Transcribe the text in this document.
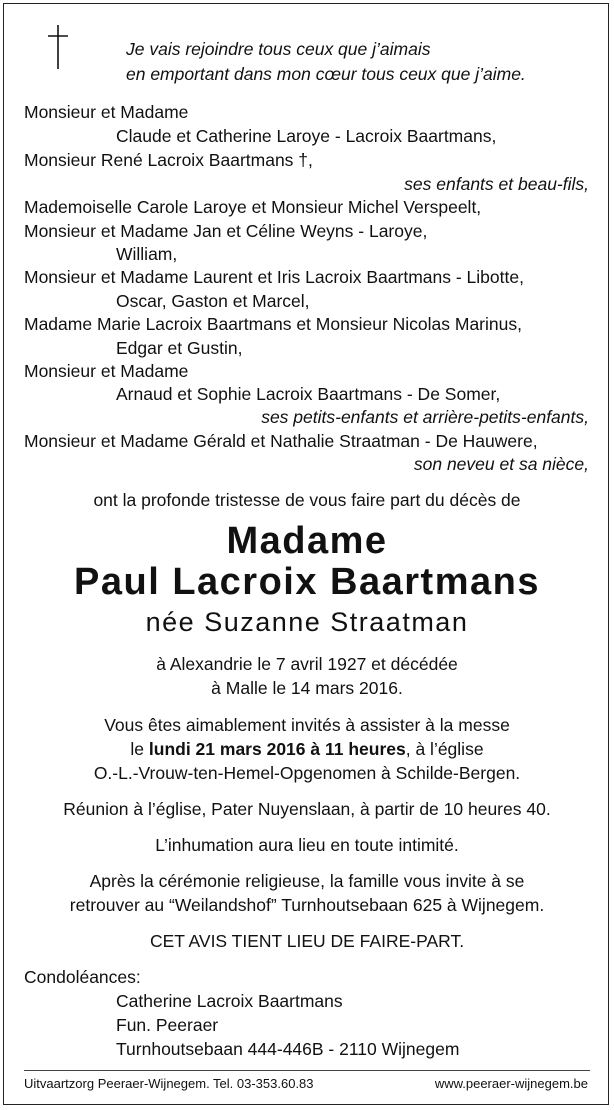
Je vais rejoindre tous ceux que j’aimais
en emportant dans mon cœur tous ceux que j’aime.
Monsieur et Madame
Claude et Catherine Laroye - Lacroix Baartmans,
Monsieur René Lacroix Baartmans †,
ses enfants et beau-fils,
Mademoiselle Carole Laroye et Monsieur Michel Verspeelt,
Monsieur et Madame Jan et Céline Weyns - Laroye,
William,
Monsieur et Madame Laurent et Iris Lacroix Baartmans - Libotte,
Oscar, Gaston et Marcel,
Madame Marie Lacroix Baartmans et Monsieur Nicolas Marinus,
Edgar et Gustin,
Monsieur et Madame
Arnaud et Sophie Lacroix Baartmans - De Somer,
ses petits-enfants et arrière-petits-enfants,
Monsieur et Madame Gérald et Nathalie Straatman - De Hauwere,
son neveu et sa nièce,
ont la profonde tristesse de vous faire part du décès de
Madame
Paul Lacroix Baartmans
née Suzanne Straatman
à Alexandrie le 7 avril 1927 et décédée
à Malle le 14 mars 2016.
Vous êtes aimablement invités à assister à la messe
le lundi 21 mars 2016 à 11 heures, à l’église
O.-L.-Vrouw-ten-Hemel-Opgenomen à Schilde-Bergen.
Réunion à l’église, Pater Nuyenslaan, à partir de 10 heures 40.
L’inhumation aura lieu en toute intimité.
Après la cérémonie religieuse, la famille vous invite à se
retrouver au “Weilandshof” Turnhoutsebaan 625 à Wijnegem.
CET AVIS TIENT LIEU DE FAIRE-PART.
Condoléances:
Catherine Lacroix Baartmans
Fun. Peeraer
Turnhoutsebaan 444-446B - 2110 Wijnegem
Uitvaartzorg Peeraer-Wijnegem. Tel. 03-353.60.83	www.peeraer-wijnegem.be
